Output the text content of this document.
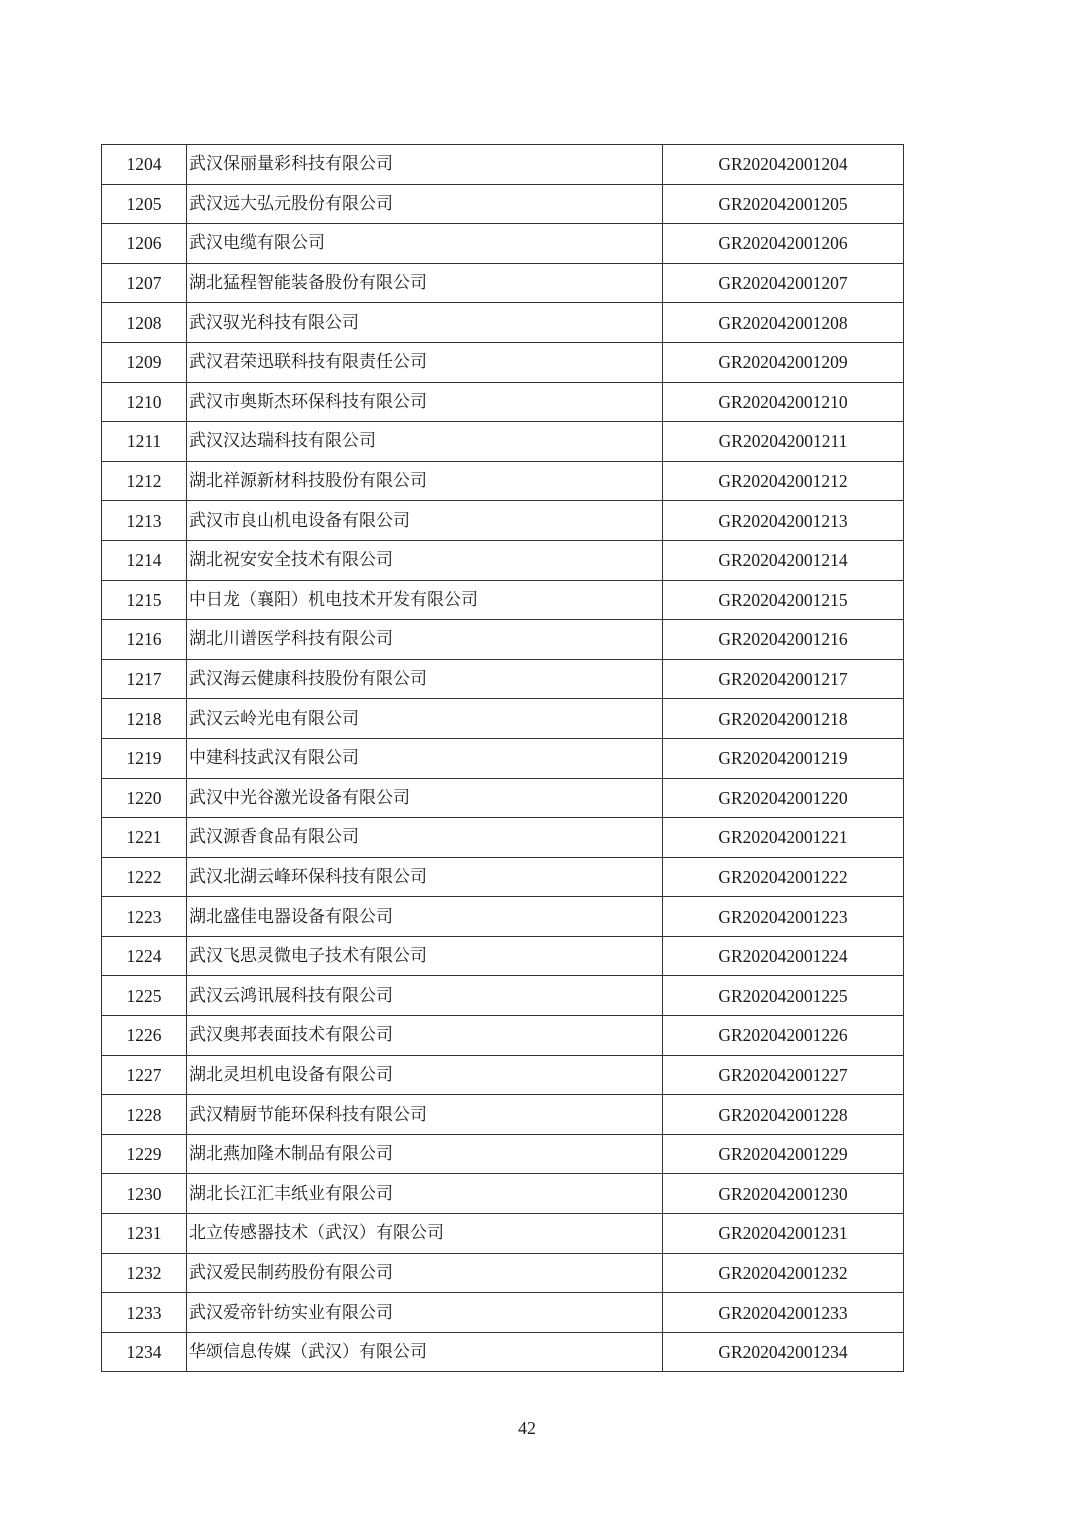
1204	武汉保丽量彩科技有限公司	GR202042001204
1205	武汉远大弘元股份有限公司	GR202042001205
1206	武汉电缆有限公司	GR202042001206
1207	湖北猛程智能装备股份有限公司	GR202042001207
1208	武汉驭光科技有限公司	GR202042001208
1209	武汉君荣迅联科技有限责任公司	GR202042001209
1210	武汉市奥斯杰环保科技有限公司	GR202042001210
1211	武汉汉达瑞科技有限公司	GR202042001211
1212	湖北祥源新材科技股份有限公司	GR202042001212
1213	武汉市良山机电设备有限公司	GR202042001213
1214	湖北祝安安全技术有限公司	GR202042001214
1215	中日龙（襄阳）机电技术开发有限公司	GR202042001215
1216	湖北川谱医学科技有限公司	GR202042001216
1217	武汉海云健康科技股份有限公司	GR202042001217
1218	武汉云岭光电有限公司	GR202042001218
1219	中建科技武汉有限公司	GR202042001219
1220	武汉中光谷激光设备有限公司	GR202042001220
1221	武汉源香食品有限公司	GR202042001221
1222	武汉北湖云峰环保科技有限公司	GR202042001222
1223	湖北盛佳电器设备有限公司	GR202042001223
1224	武汉飞思灵微电子技术有限公司	GR202042001224
1225	武汉云鸿讯展科技有限公司	GR202042001225
1226	武汉奥邦表面技术有限公司	GR202042001226
1227	湖北灵坦机电设备有限公司	GR202042001227
1228	武汉精厨节能环保科技有限公司	GR202042001228
1229	湖北燕加隆木制品有限公司	GR202042001229
1230	湖北长江汇丰纸业有限公司	GR202042001230
1231	北立传感器技术（武汉）有限公司	GR202042001231
1232	武汉爱民制药股份有限公司	GR202042001232
1233	武汉爱帝针纺实业有限公司	GR202042001233
1234	华颂信息传媒（武汉）有限公司	GR202042001234
42
